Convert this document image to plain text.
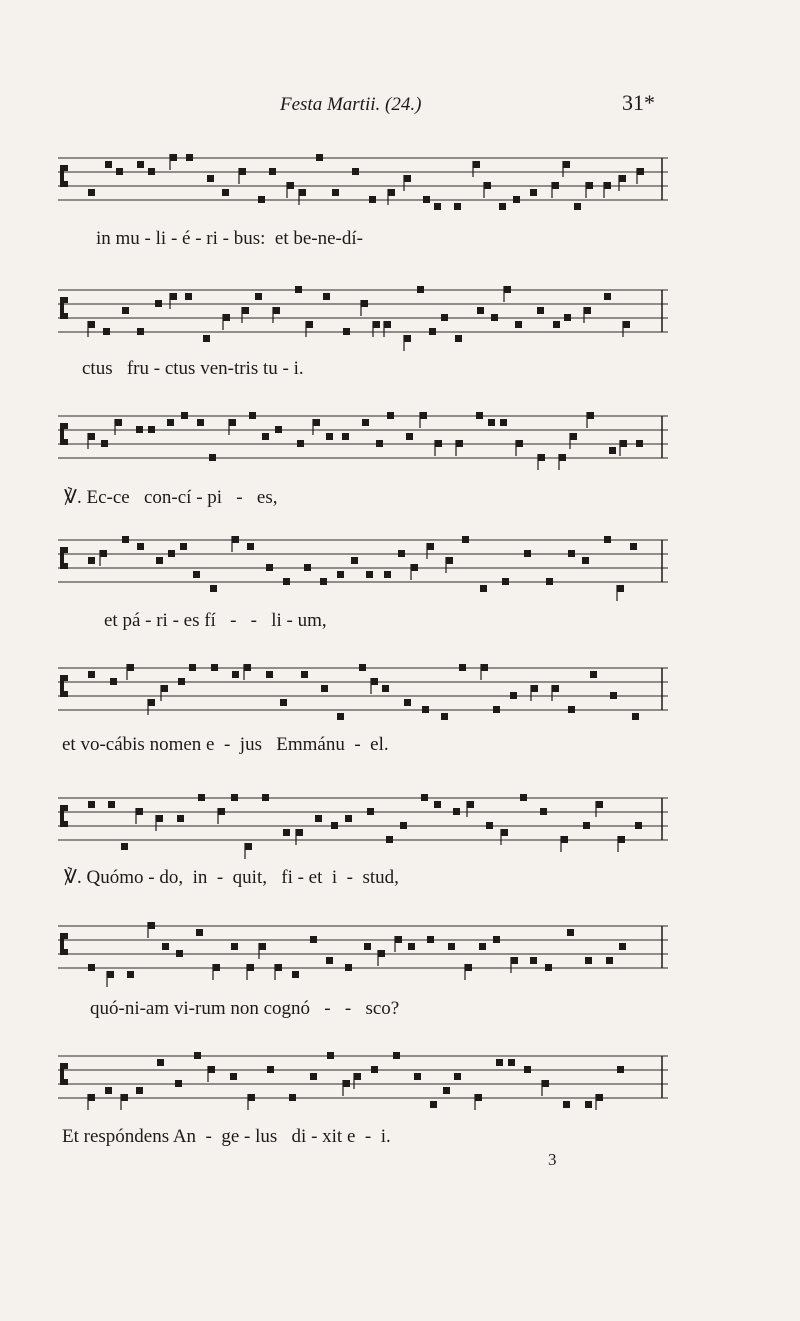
Festa Martii. (24.)	31*
in mu - li - é - ri - bus:  et be-ne-dí-
ctus   fru - ctus ven-tris tu - i.
℣. Ec-ce   con-cí - pi   -   es,
et pá - ri - es fí   -   -   li - um,
et vo-cábis nomen e  -  jus   Emmánu  -  el.
℣. Quómo - do,  in  -  quit,   fi - et  i  -  stud,
quó-ni-am vi-rum non cognó   -   -   sco?
Et respóndens An  -  ge - lus   di - xit e  -  i.
3
